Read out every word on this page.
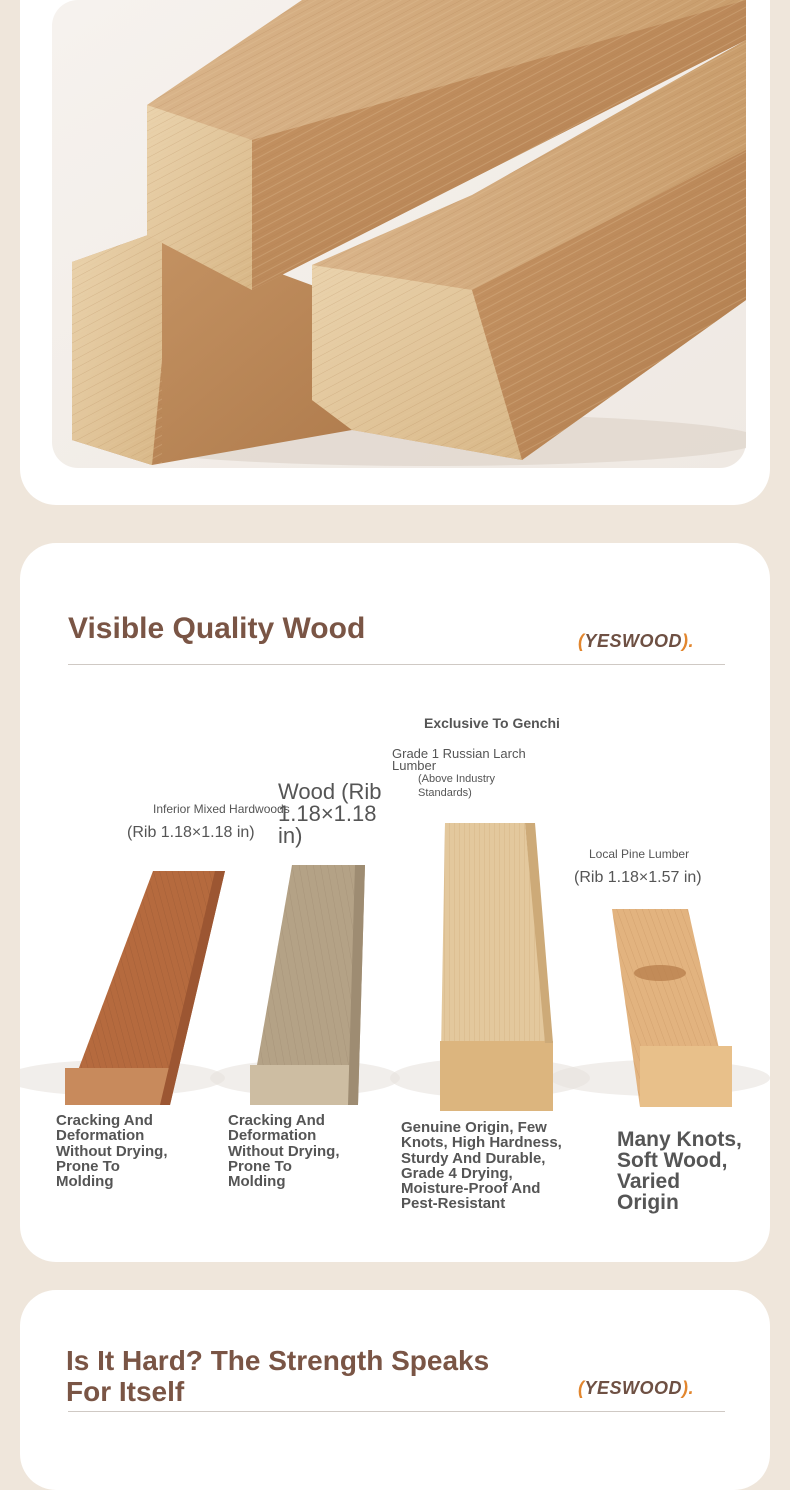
Visible Quality Wood	(YESWOOD).
Inferior Mixed Hardwoods
(Rib 1.18×1.18 in)
Wood (Rib
1.18×1.18
in)
Exclusive To Genchi
Grade 1 Russian Larch
Lumber
(Above Industry
Standards)
Local Pine Lumber
(Rib 1.18×1.57 in)
Cracking And
Deformation
Without Drying,
Prone To
Molding
Cracking And
Deformation
Without Drying,
Prone To
Molding
Genuine Origin, Few
Knots, High Hardness,
Sturdy And Durable,
Grade 4 Drying,
Moisture-Proof And
Pest-Resistant
Many Knots,
Soft Wood,
Varied
Origin
Is It Hard? The Strength Speaks
For Itself	(YESWOOD).
